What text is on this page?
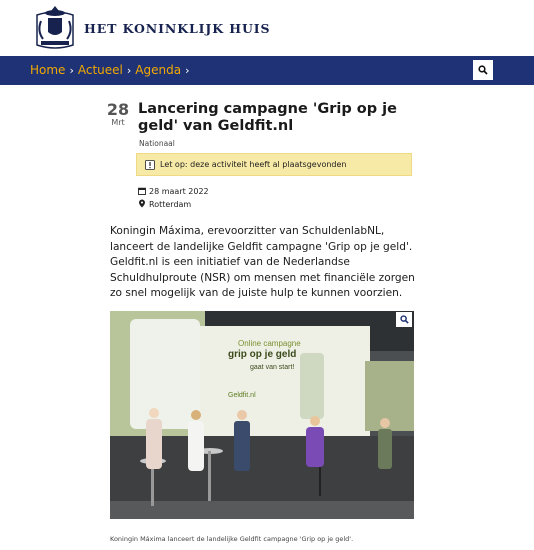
HET KONINKLIJK HUIS
Home › Actueel › Agenda ›
28
Mrt
Lancering campagne 'Grip op je geld' van Geldfit.nl
Nationaal
Let op: deze activiteit heeft al plaatsgevonden
28 maart 2022
Rotterdam
Koningin Máxima, erevoorzitter van SchuldenlabNL, lanceert de landelijke Geldfit campagne 'Grip op je geld'. Geldfit.nl is een initiatief van de Nederlandse Schuldhulproute (NSR) om mensen met financiële zorgen zo snel mogelijk van de juiste hulp te kunnen voorzien.
Online campagne
grip op je geld
gaat van start!
Geldfit.nl
Koningin Máxima lanceert de landelijke Geldfit campagne 'Grip op je geld'.
